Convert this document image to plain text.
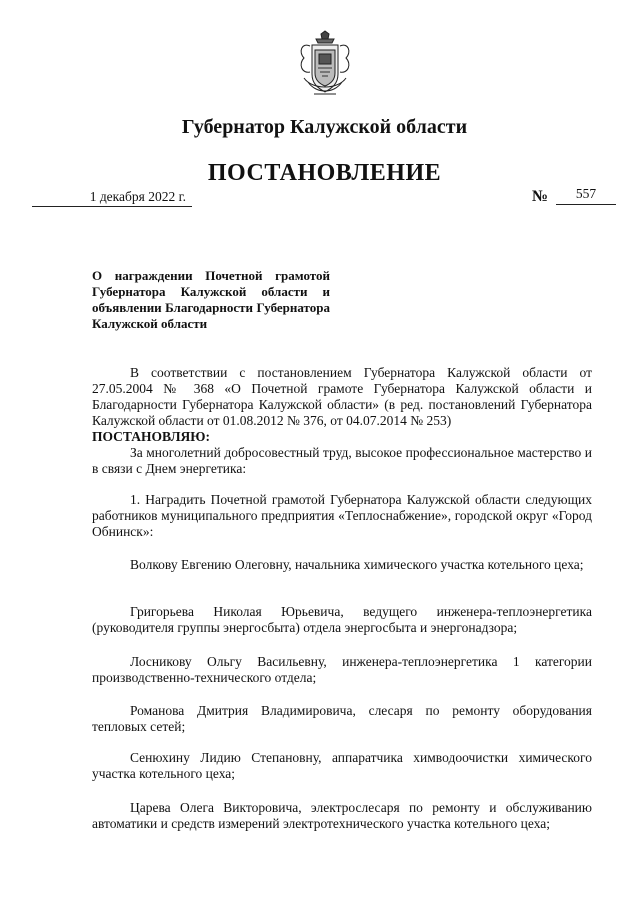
Губернатор Калужской области
ПОСТАНОВЛЕНИЕ
1 декабря 2022 г.	№	557
О награждении Почетной грамотой Губернатора Калужской области и объявлении Благодарности Губернатора Калужской области

В соответствии с постановлением Губернатора Калужской области от 27.05.2004 № 368 «О Почетной грамоте Губернатора Калужской области и Благодарности Губернатора Калужской области» (в ред. постановлений Губернатора Калужской области от 01.08.2012 № 376, от 04.07.2014 № 253)

ПОСТАНОВЛЯЮ:

За многолетний добросовестный труд, высокое профессиональное мастерство и в связи с Днем энергетика:

1. Наградить Почетной грамотой Губернатора Калужской области следующих работников муниципального предприятия «Теплоснабжение», городской округ «Город Обнинск»:
Волкову Евгению Олеговну, начальника химического участка котельного цеха;
Григорьева Николая Юрьевича, ведущего инженера-теплоэнергетика (руководителя группы энергосбыта) отдела энергосбыта и энергонадзора;
Лосникову Ольгу Васильевну, инженера-теплоэнергетика 1 категории производственно-технического отдела;
Романова Дмитрия Владимировича, слесаря по ремонту оборудования тепловых сетей;
Сенюхину Лидию Степановну, аппаратчика химводоочистки химического участка котельного цеха;
Царева Олега Викторовича, электрослесаря по ремонту и обслуживанию автоматики и средств измерений электротехнического участка котельного цеха;
